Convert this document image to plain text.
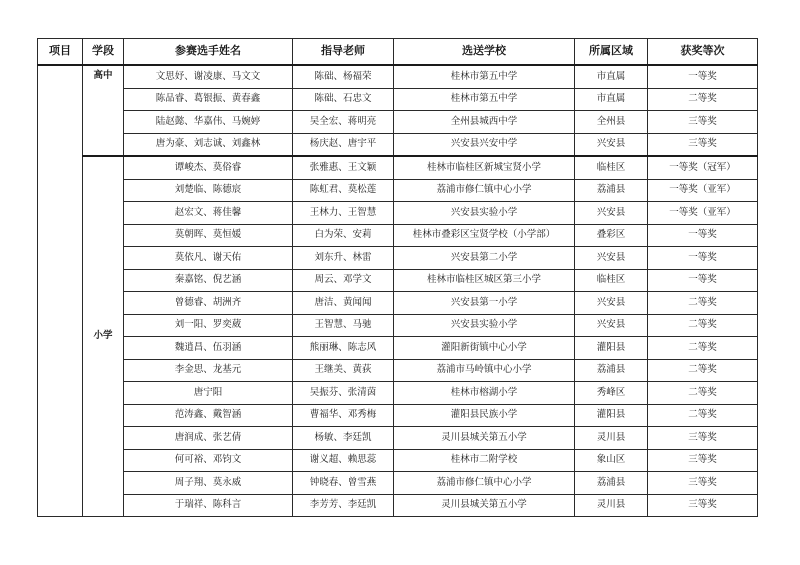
项目	学段	参赛选手姓名	指导老师	选送学校	所属区域	获奖等次
	高中	文思妤、谢凌康、马文文	陈础、杨福荣	桂林市第五中学	市直属	一等奖
		陈品睿、葛银振、黄春鑫	陈础、石忠文	桂林市第五中学	市直属	二等奖
		陆赵懿、华嘉伟、马婉婷	吴全宏、蒋明亮	全州县城西中学	全州县	三等奖
		唐为豪、刘志诚、刘鑫林	杨庆赵、唐宇平	兴安县兴安中学	兴安县	三等奖
	小学	谭峻杰、莫俗睿	张雅惠、王文颖	桂林市临桂区新城宝贤小学	临桂区	一等奖（冠军）
		刘楚临、陈德宸	陈虹君、莫松莲	荔浦市修仁镇中心小学	荔浦县	一等奖（亚军）
		赵宏文、蒋佳馨	王林力、王智慧	兴安县实验小学	兴安县	一等奖（亚军）
		莫朝晖、莫恒媛	白为荣、安莉	桂林市叠彩区宝贤学校（小学部）	叠彩区	一等奖
		莫依凡、谢天佑	刘东升、林雷	兴安县第二小学	兴安县	一等奖
		秦嘉铭、倪艺涵	周云、邓学文	桂林市临桂区城区第三小学	临桂区	一等奖
		曾德睿、胡洲齐	唐洁、黄闻闻	兴安县第一小学	兴安县	二等奖
		刘一阳、罗奕葳	王智慧、马驰	兴安县实验小学	兴安县	二等奖
		魏逍昌、伍羽涵	熊丽琳、陈志风	灌阳新街镇中心小学	灌阳县	二等奖
		李金思、龙基元	王继美、黄荻	荔浦市马岭镇中心小学	荔浦县	二等奖
		唐宁阳	吴振芬、张清茵	桂林市榕湖小学	秀峰区	二等奖
		范涛鑫、戴智涵	曹福华、邓秀梅	灌阳县民族小学	灌阳县	二等奖
		唐润成、张艺倩	杨敏、李廷凯	灵川县城关第五小学	灵川县	三等奖
		何可裕、邓钧文	谢义超、赖思蕊	桂林市二附学校	象山区	三等奖
		周子翔、莫永威	钟晓春、曾雪燕	荔浦市修仁镇中心小学	荔浦县	三等奖
		于瑞祥、陈科言	李芳芳、李廷凯	灵川县城关第五小学	灵川县	三等奖
